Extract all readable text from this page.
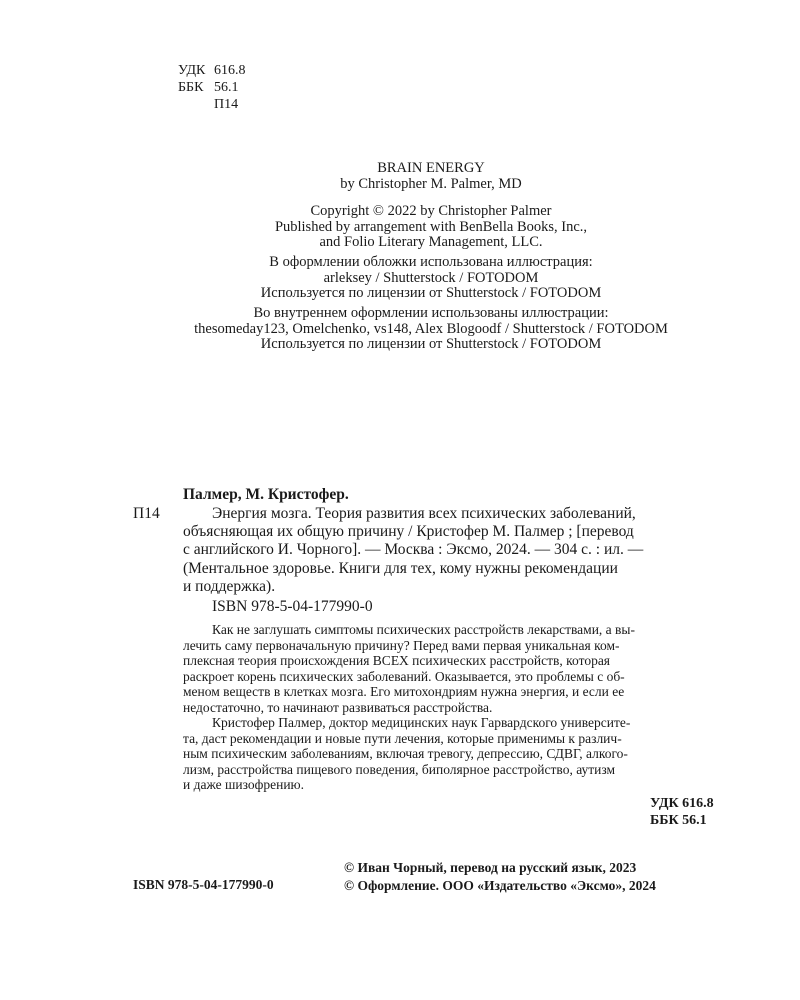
УДК 616.8
ББК 56.1
П14
BRAIN ENERGY
by Christopher M. Palmer, MD
Copyright © 2022 by Christopher Palmer
Published by arrangement with BenBella Books, Inc.,
and Folio Literary Management, LLC.
В оформлении обложки использована иллюстрация:
arleksey / Shutterstock / FOTODOM
Используется по лицензии от Shutterstock / FOTODOM
Во внутреннем оформлении использованы иллюстрации:
thesomeday123, Omelchenko, vs148, Alex Blogoodf / Shutterstock / FOTODOM
Используется по лицензии от Shutterstock / FOTODOM
Палмер, М. Кристофер.
П14	Энергия мозга. Теория развития всех психических заболеваний,
объясняющая их общую причину / Кристофер М. Палмер ; [перевод
с английского И. Чорного]. — Москва : Эксмо, 2024. — 304 с. : ил. —
(Ментальное здоровье. Книги для тех, кому нужны рекомендации
и поддержка).
ISBN 978-5-04-177990-0
Как не заглушать симптомы психических расстройств лекарствами, а вы-
лечить саму первоначальную причину? Перед вами первая уникальная ком-
плексная теория происхождения ВСЕХ психических расстройств, которая
раскроет корень психических заболеваний. Оказывается, это проблемы с об-
меном веществ в клетках мозга. Его митохондриям нужна энергия, и если ее
недостаточно, то начинают развиваться расстройства.
Кристофер Палмер, доктор медицинских наук Гарвардского университе-
та, даст рекомендации и новые пути лечения, которые применимы к различ-
ным психическим заболеваниям, включая тревогу, депрессию, СДВГ, алкого-
лизм, расстройства пищевого поведения, биполярное расстройство, аутизм
и даже шизофрению.
УДК 616.8
ББК 56.1
ISBN 978-5-04-177990-0
© Иван Чорный, перевод на русский язык, 2023
© Оформление. ООО «Издательство «Эксмо», 2024
